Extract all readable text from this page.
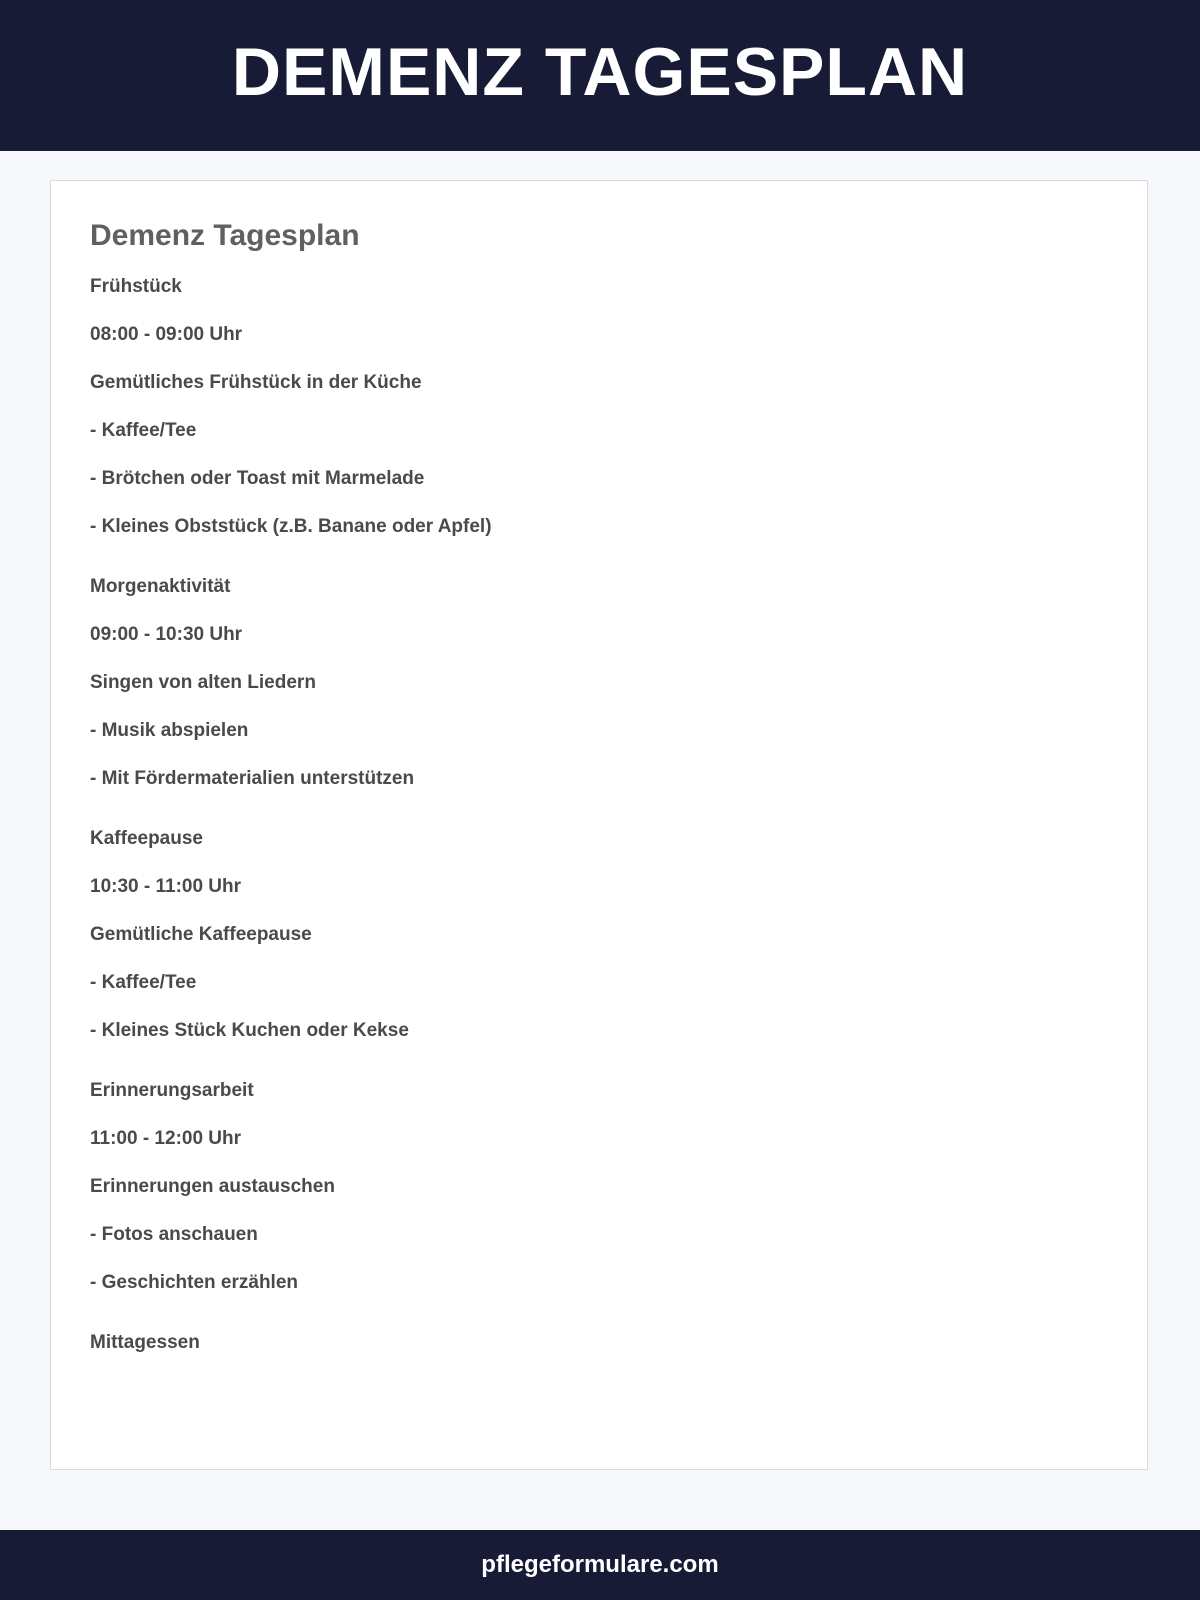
DEMENZ TAGESPLAN
Demenz Tagesplan
Frühstück
08:00 - 09:00 Uhr
Gemütliches Frühstück in der Küche
- Kaffee/Tee
- Brötchen oder Toast mit Marmelade
- Kleines Obststück (z.B. Banane oder Apfel)
Morgenaktivität
09:00 - 10:30 Uhr
Singen von alten Liedern
- Musik abspielen
- Mit Fördermaterialien unterstützen
Kaffeepause
10:30 - 11:00 Uhr
Gemütliche Kaffeepause
- Kaffee/Tee
- Kleines Stück Kuchen oder Kekse
Erinnerungsarbeit
11:00 - 12:00 Uhr
Erinnerungen austauschen
- Fotos anschauen
- Geschichten erzählen
Mittagessen
pflegeformulare.com
